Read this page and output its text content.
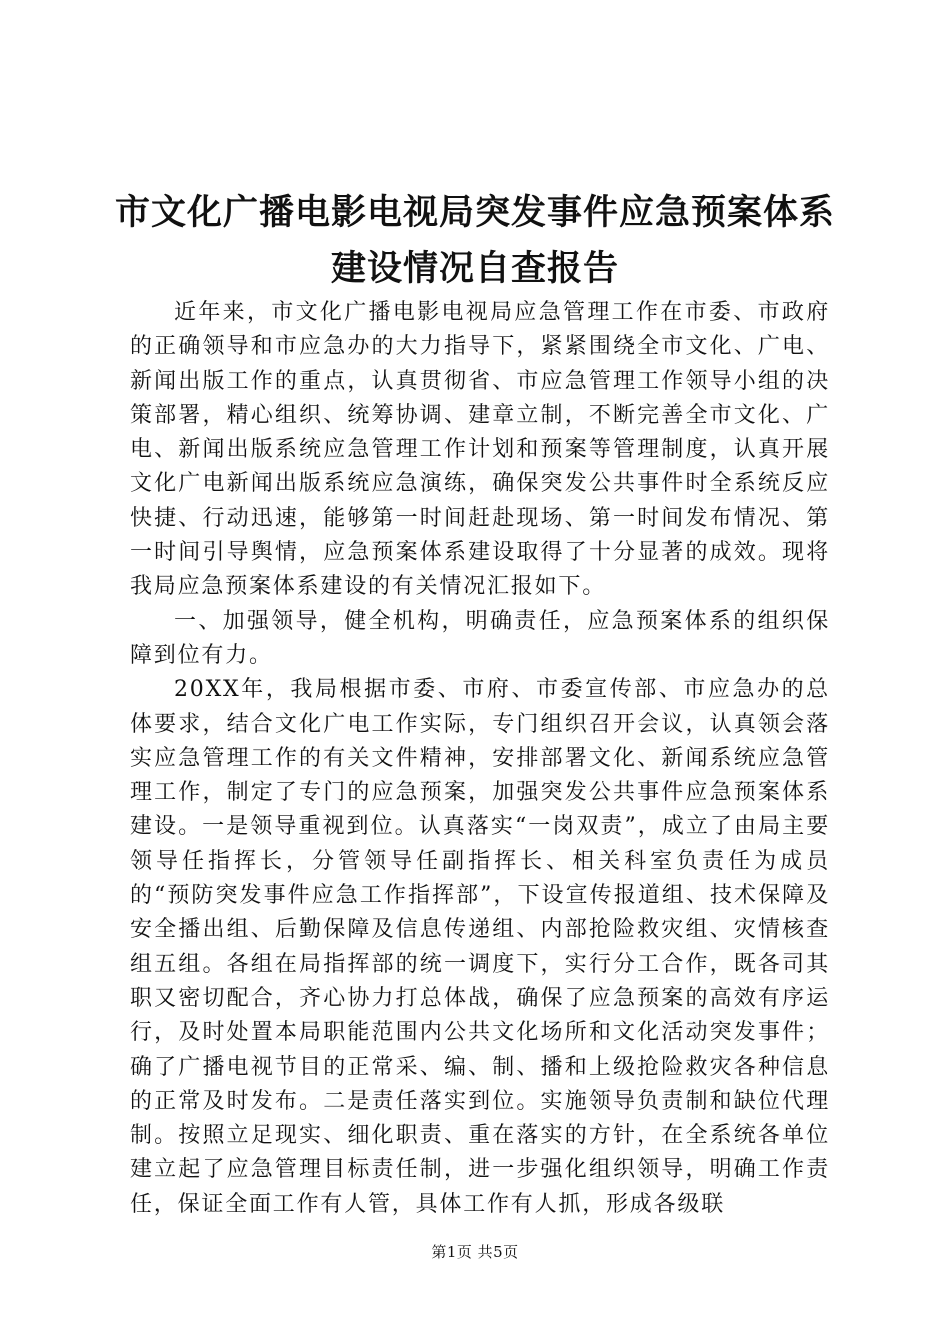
市文化广播电影电视局突发事件应急预案体系
建设情况自查报告

近年来，市文化广播电影电视局应急管理工作在市委、市政府的正确领导和市应急办的大力指导下，紧紧围绕全市文化、广电、新闻出版工作的重点，认真贯彻省、市应急管理工作领导小组的决策部署，精心组织、统筹协调、建章立制，不断完善全市文化、广电、新闻出版系统应急管理工作计划和预案等管理制度，认真开展文化广电新闻出版系统应急演练，确保突发公共事件时全系统反应快捷、行动迅速，能够第一时间赶赴现场、第一时间发布情况、第一时间引导舆情，应急预案体系建设取得了十分显著的成效。现将我局应急预案体系建设的有关情况汇报如下。

一、加强领导，健全机构，明确责任，应急预案体系的组织保障到位有力。

20XX年，我局根据市委、市府、市委宣传部、市应急办的总体要求，结合文化广电工作实际，专门组织召开会议，认真领会落实应急管理工作的有关文件精神，安排部署文化、新闻系统应急管理工作，制定了专门的应急预案，加强突发公共事件应急预案体系建设。一是领导重视到位。认真落实“一岗双责”，成立了由局主要领导任指挥长，分管领导任副指挥长、相关科室负责任为成员的“预防突发事件应急工作指挥部”，下设宣传报道组、技术保障及安全播出组、后勤保障及信息传递组、内部抢险救灾组、灾情核查组五组。各组在局指挥部的统一调度下，实行分工合作，既各司其职又密切配合，齐心协力打总体战，确保了应急预案的高效有序运行，及时处置本局职能范围内公共文化场所和文化活动突发事件；确了广播电视节目的正常采、编、制、播和上级抢险救灾各种信息的正常及时发布。二是责任落实到位。实施领导负责制和缺位代理制。按照立足现实、细化职责、重在落实的方针，在全系统各单位建立起了应急管理目标责任制，进一步强化组织领导，明确工作责任，保证全面工作有人管，具体工作有人抓，形成各级联

第1页 共5页
